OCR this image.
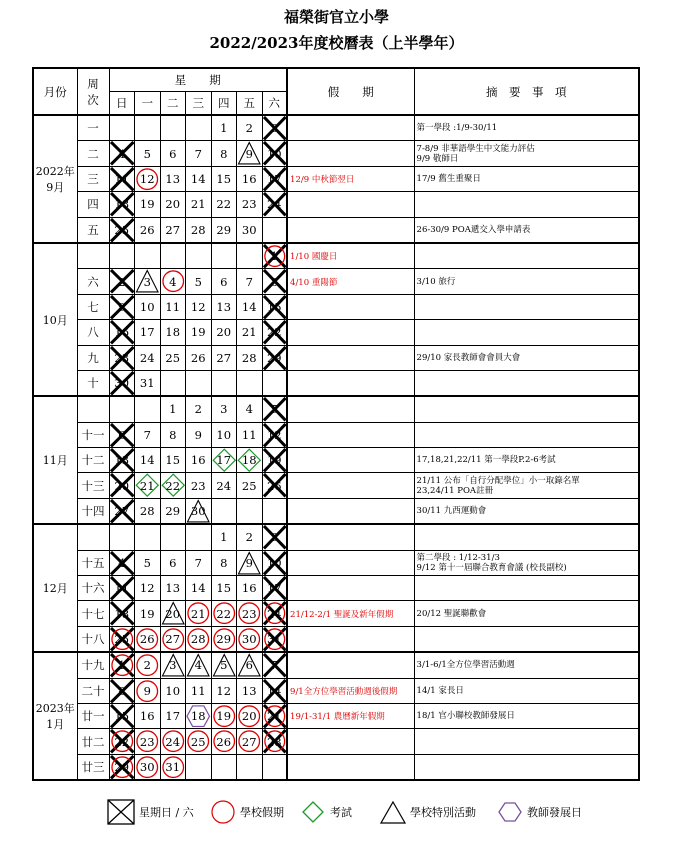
福榮街官立小學
2022/2023年度校曆表（上半學年）
月份	周
次	星　　期							假　　期	摘　要　事　項
		日	一	二	三	四	五	六		
2022年
9月	一					1	2	3		第一學段 :1/9-30/11
	二	4	5	6	7	8	9	10		7-8/9 非華語學生中文能力評估
9/9 敬師日
	三	11	12	13	14	15	16	17	12/9 中秋節翌日	17/9 舊生重聚日
	四	18	19	20	21	22	23	24		
	五	25	26	27	28	29	30			26-30/9 POA遞交入學申請表
10月								1	1/10 國慶日	
	六	2	3	4	5	6	7	8	4/10 重陽節	3/10 旅行
	七	9	10	11	12	13	14	15		
	八	16	17	18	19	20	21	22		
	九	23	24	25	26	27	28	29		29/10 家長教師會會員大會
	十	30	31							
11月				1	2	3	4	5		
	十一	6	7	8	9	10	11	12		
	十二	13	14	15	16	17	18	19		17,18,21,22/11 第一學段P.2-6考試
	十三	20	21	22	23	24	25	26		21/11 公布「自行分配學位」小一取錄名單
23,24/11 POA註冊
	十四	27	28	29	30					30/11 九西運動會
12月						1	2	3		
	十五	4	5	6	7	8	9	10		第二學段 : 1/12-31/3
9/12 第十一屆聯合教育會議 (校長副校)
	十六	11	12	13	14	15	16	17		
	十七	18	19	20	21	22	23	24	21/12-2/1 聖誕及新年假期	20/12 聖誕聯歡會
	十八	25	26	27	28	29	30	31		
2023年
1月	十九	1	2	3	4	5	6	7		3/1-6/1全方位學習活動週
	二十	8	9	10	11	12	13	14	9/1全方位學習活動週後假期	14/1 家長日
	廿一	15	16	17	18	19	20	21	19/1-31/1 農曆新年假期	18/1 官小聯校教師發展日
	廿二	22	23	24	25	26	27	28		
	廿三	29	30	31						
星期日 / 六	學校假期	考試	學校特別活動	教師發展日
